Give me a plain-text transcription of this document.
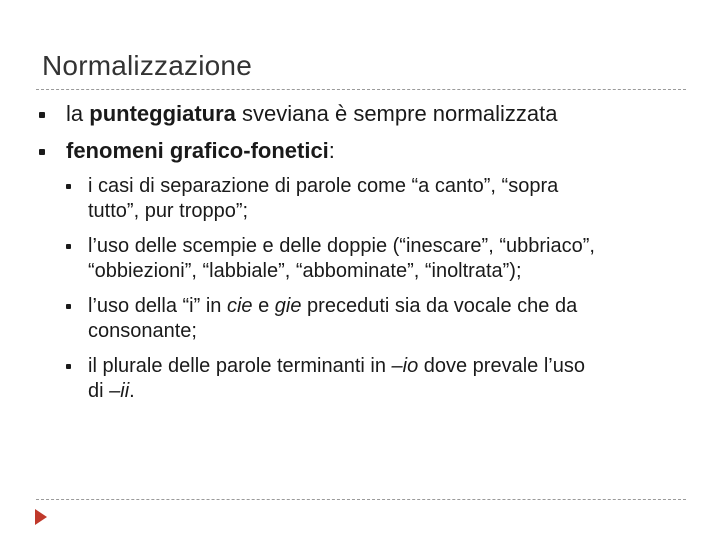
Normalizzazione
la punteggiatura sveviana è sempre normalizzata
fenomeni grafico-fonetici:
i casi di separazione di parole come “a canto”, “sopra
tutto”, pur troppo”;
l’uso delle scempie e delle doppie (“inescare”, “ubbriaco”,
“obbiezioni”, “labbiale”, “abbominate”, “inoltrata”);
l’uso della “i” in cie e gie preceduti sia da vocale che da
consonante;
il plurale delle parole terminanti in –io dove prevale l’uso
di –ii.
